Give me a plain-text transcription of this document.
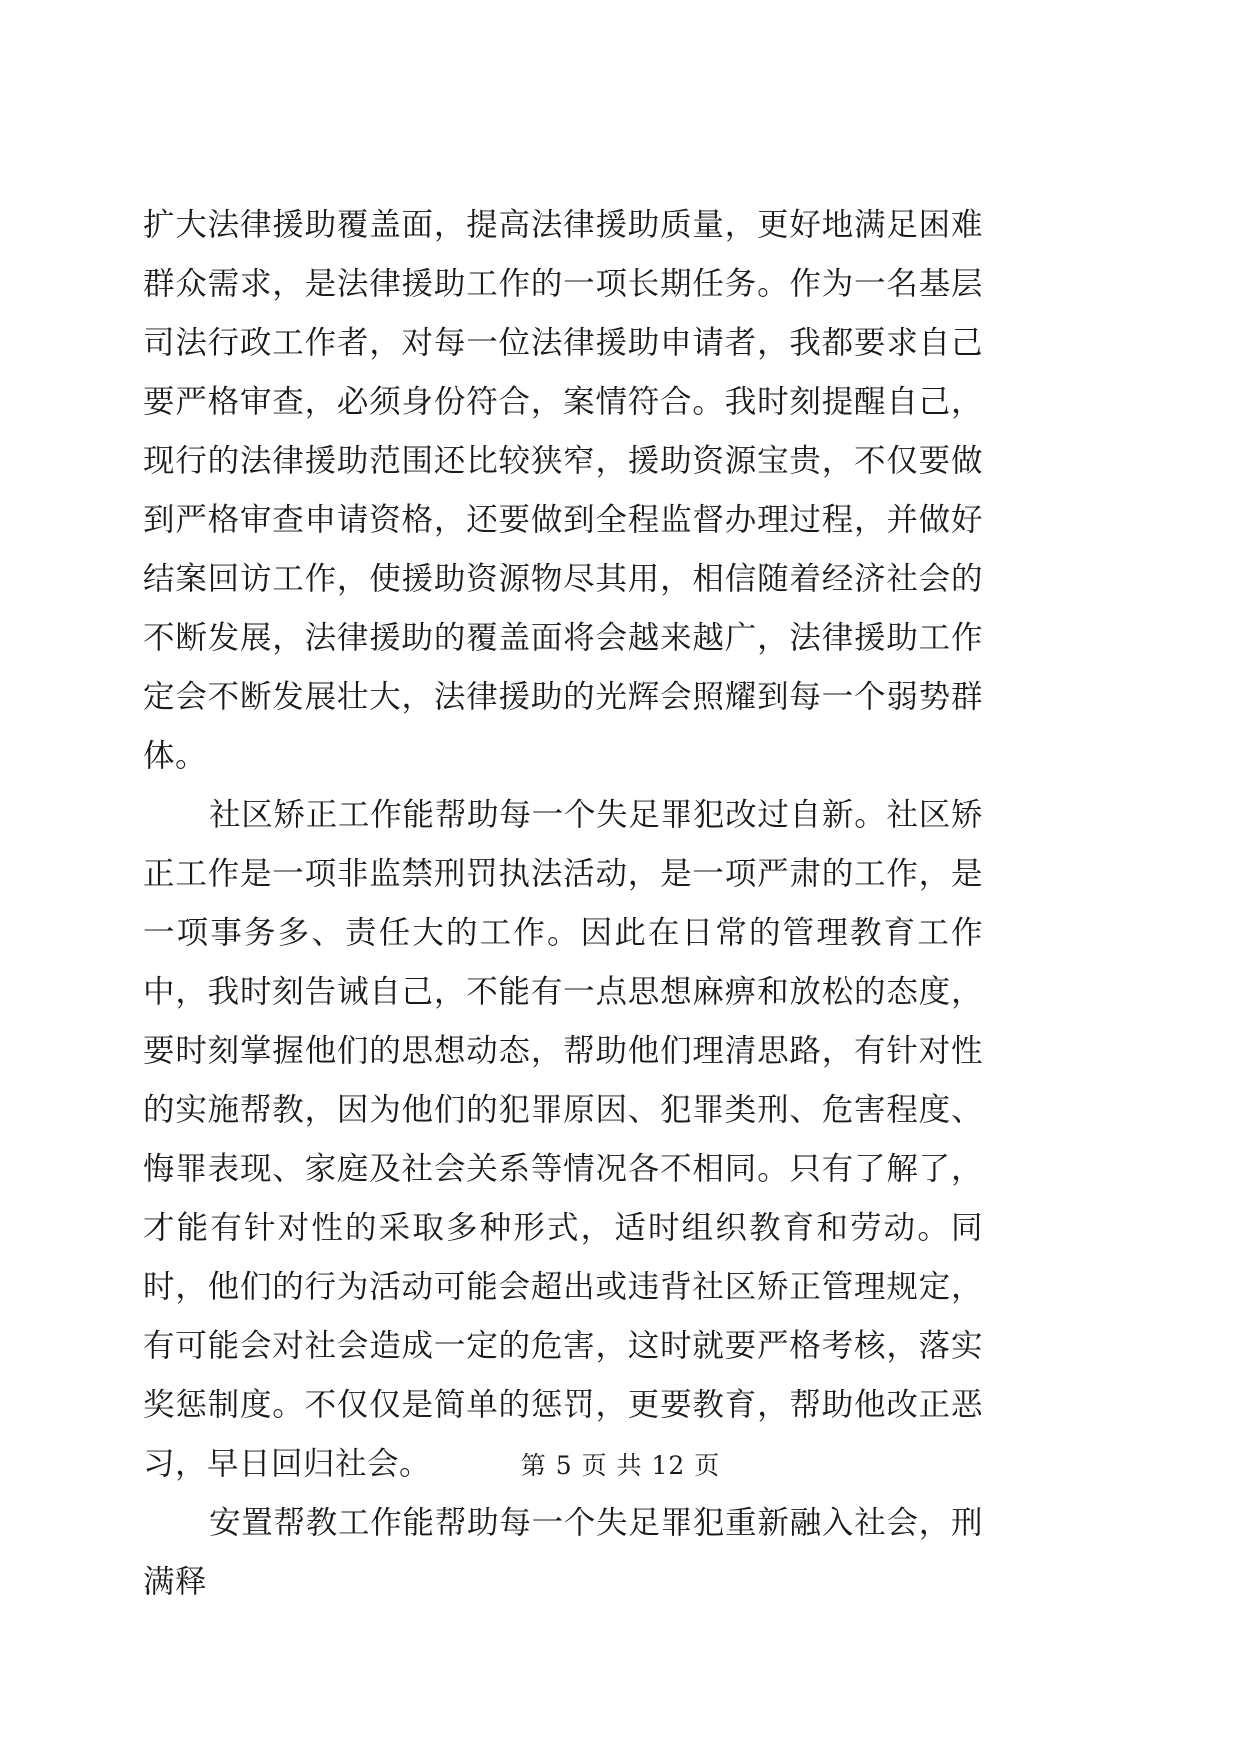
扩大法律援助覆盖面，提高法律援助质量，更好地满足困难群众需求，是法律援助工作的一项长期任务。作为一名基层司法行政工作者，对每一位法律援助申请者，我都要求自己要严格审查，必须身份符合，案情符合。我时刻提醒自己，现行的法律援助范围还比较狭窄，援助资源宝贵，不仅要做到严格审查申请资格，还要做到全程监督办理过程，并做好结案回访工作，使援助资源物尽其用，相信随着经济社会的不断发展，法律援助的覆盖面将会越来越广，法律援助工作定会不断发展壮大，法律援助的光辉会照耀到每一个弱势群体。

社区矫正工作能帮助每一个失足罪犯改过自新。社区矫正工作是一项非监禁刑罚执法活动，是一项严肃的工作，是一项事务多、责任大的工作。因此在日常的管理教育工作中，我时刻告诫自己，不能有一点思想麻痹和放松的态度，要时刻掌握他们的思想动态，帮助他们理清思路，有针对性的实施帮教，因为他们的犯罪原因、犯罪类刑、危害程度、悔罪表现、家庭及社会关系等情况各不相同。只有了解了，才能有针对性的采取多种形式，适时组织教育和劳动。同时，他们的行为活动可能会超出或违背社区矫正管理规定，有可能会对社会造成一定的危害，这时就要严格考核，落实奖惩制度。不仅仅是简单的惩罚，更要教育，帮助他改正恶习，早日回归社会。

安置帮教工作能帮助每一个失足罪犯重新融入社会，刑满释

第 5 页 共 12 页
